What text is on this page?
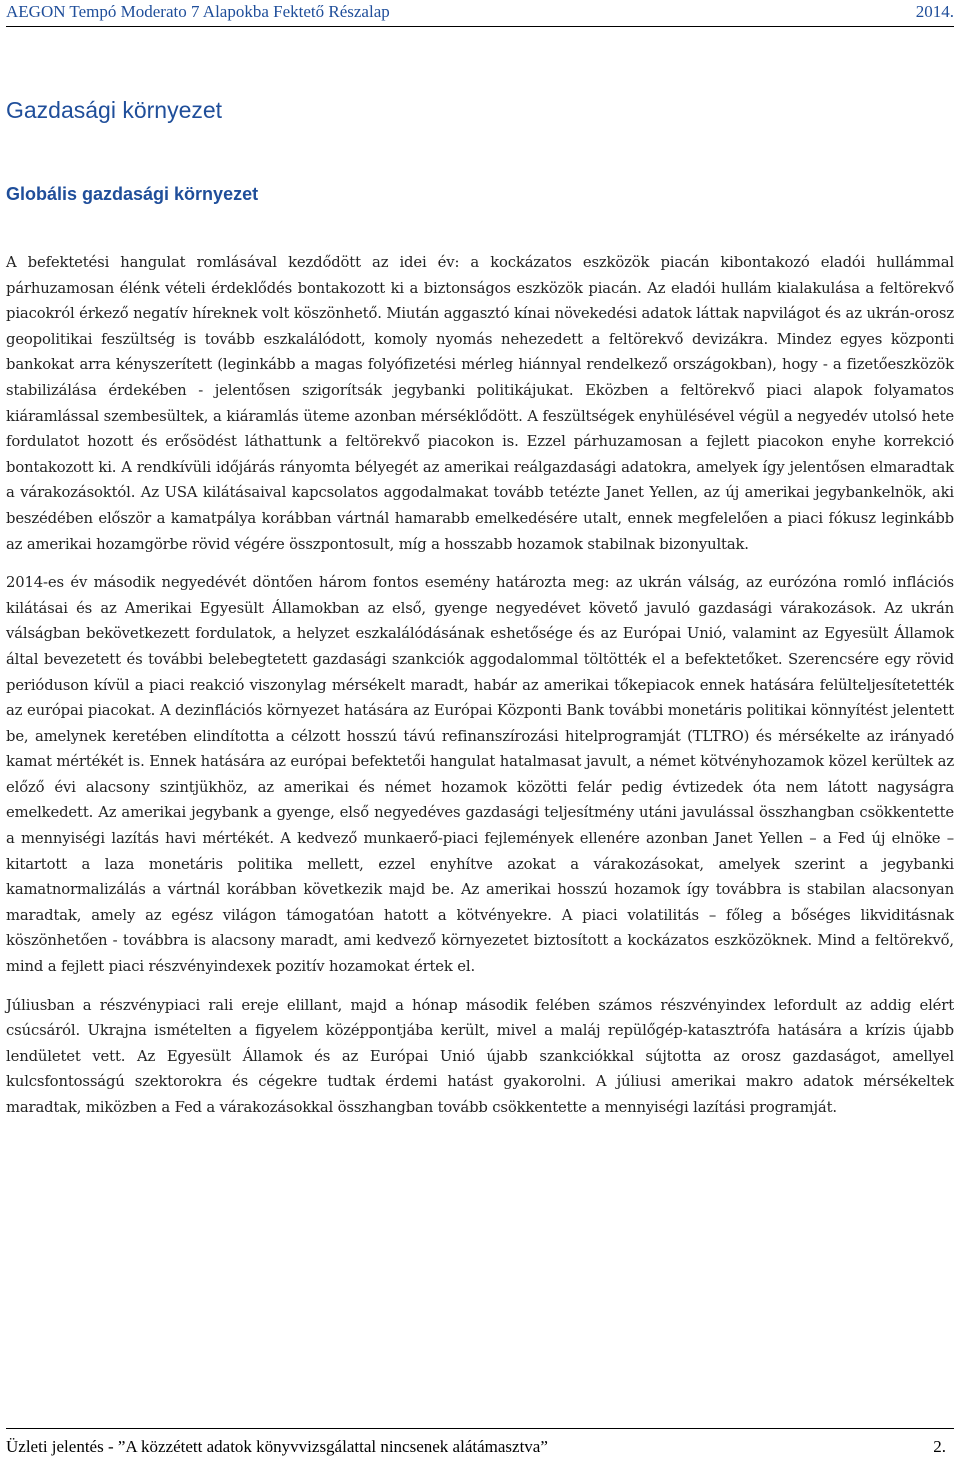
AEGON Tempó Moderato 7 Alapokba Fektető Részalap	2014.
Gazdasági környezet
Globális gazdasági környezet

A befektetési hangulat romlásával kezdődött az idei év: a kockázatos eszközök piacán kibontakozó eladói hullámmal párhuzamosan élénk vételi érdeklődés bontakozott ki a biztonságos eszközök piacán. Az eladói hullám kialakulása a feltörekvő piacokról érkező negatív híreknek volt köszönhető. Miután aggasztó kínai növekedési adatok láttak napvilágot és az ukrán-orosz geopolitikai feszültség is tovább eszkalálódott, komoly nyomás nehezedett a feltörekvő devizákra. Mindez egyes központi bankokat arra kényszerített (leginkább a magas folyófizetési mérleg hiánnyal rendelkező országokban), hogy - a fizetőeszközök stabilizálása érdekében - jelentősen szigorítsák jegybanki politikájukat. Eközben a feltörekvő piaci alapok folyamatos kiáramlással szembesültek, a kiáramlás üteme azonban mérséklődött. A feszültségek enyhülésével végül a negyedév utolsó hete fordulatot hozott és erősödést láthattunk a feltörekvő piacokon is. Ezzel párhuzamosan a fejlett piacokon enyhe korrekció bontakozott ki. A rendkívüli időjárás rányomta bélyegét az amerikai reálgazdasági adatokra, amelyek így jelentősen elmaradtak a várakozásoktól. Az USA kilátásaival kapcsolatos aggodalmakat tovább tetézte Janet Yellen, az új amerikai jegybankelnök, aki beszédében először a kamatpálya korábban vártnál hamarabb emelkedésére utalt, ennek megfelelően a piaci fókusz leginkább az amerikai hozamgörbe rövid végére összpontosult, míg a hosszabb hozamok stabilnak bizonyultak.

2014-es év második negyedévét döntően három fontos esemény határozta meg: az ukrán válság, az eurózóna romló inflációs kilátásai és az Amerikai Egyesült Államokban az első, gyenge negyedévet követő javuló gazdasági várakozások. Az ukrán válságban bekövetkezett fordulatok, a helyzet eszkalálódásának eshetősége és az Európai Unió, valamint az Egyesült Államok által bevezetett és további belebegtetett gazdasági szankciók aggodalommal töltötték el a befektetőket. Szerencsére egy rövid perióduson kívül a piaci reakció viszonylag mérsékelt maradt, habár az amerikai tőkepiacok ennek hatására felülteljesítetették az európai piacokat. A dezinflációs környezet hatására az Európai Központi Bank további monetáris politikai könnyítést jelentett be, amelynek keretében elindította a célzott hosszú távú refinanszírozási hitelprogramját (TLTRO) és mérsékelte az irányadó kamat mértékét is. Ennek hatására az európai befektetői hangulat hatalmasat javult, a német kötvényhozamok közel kerültek az előző évi alacsony szintjükhöz, az amerikai és német hozamok közötti felár pedig évtizedek óta nem látott nagyságra emelkedett. Az amerikai jegybank a gyenge, első negyedéves gazdasági teljesítmény utáni javulással összhangban csökkentette a mennyiségi lazítás havi mértékét. A kedvező munkaerő-piaci fejlemények ellenére azonban Janet Yellen – a Fed új elnöke – kitartott a laza monetáris politika mellett, ezzel enyhítve azokat a várakozásokat, amelyek szerint a jegybanki kamatnormalizálás a vártnál korábban következik majd be. Az amerikai hosszú hozamok így továbbra is stabilan alacsonyan maradtak, amely az egész világon támogatóan hatott a kötvényekre. A piaci volatilitás – főleg a bőséges likviditásnak köszönhetően - továbbra is alacsony maradt, ami kedvező környezetet biztosított a kockázatos eszközöknek. Mind a feltörekvő, mind a fejlett piaci részvényindexek pozitív hozamokat értek el.

Júliusban a részvénypiaci rali ereje elillant, majd a hónap második felében számos részvényindex lefordult az addig elért csúcsáról. Ukrajna ismételten a figyelem középpontjába került, mivel a maláj repülőgép-katasztrófa hatására a krízis újabb lendületet vett. Az Egyesült Államok és az Európai Unió újabb szankciókkal sújtotta az orosz gazdaságot, amellyel kulcsfontosságú szektorokra és cégekre tudtak érdemi hatást gyakorolni. A júliusi amerikai makro adatok mérsékeltek maradtak, miközben a Fed a várakozásokkal összhangban tovább csökkentette a mennyiségi lazítási programját.

Üzleti jelentés - ”A közzétett adatok könyvvizsgálattal nincsenek alátámasztva”	2.
